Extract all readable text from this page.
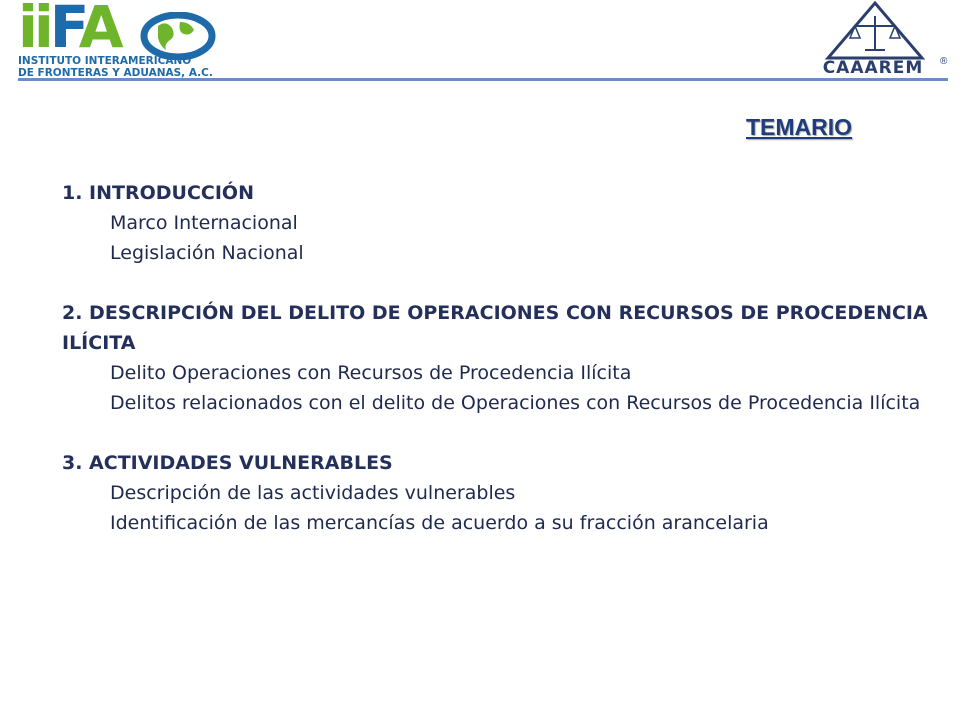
iiFA
INSTITUTO INTERAMERICANO
DE FRONTERAS Y ADUANAS, A.C.	CAAAREM	®
TEMARIO
1. INTRODUCCIÓN
Marco Internacional
Legislación Nacional
2. DESCRIPCIÓN DEL DELITO DE OPERACIONES CON RECURSOS DE PROCEDENCIA ILÍCITA
Delito Operaciones con Recursos de Procedencia Ilícita
Delitos relacionados con el delito de Operaciones con Recursos de Procedencia Ilícita
3. ACTIVIDADES VULNERABLES
Descripción de las actividades vulnerables
Identificación de las mercancías de acuerdo a su fracción arancelaria
